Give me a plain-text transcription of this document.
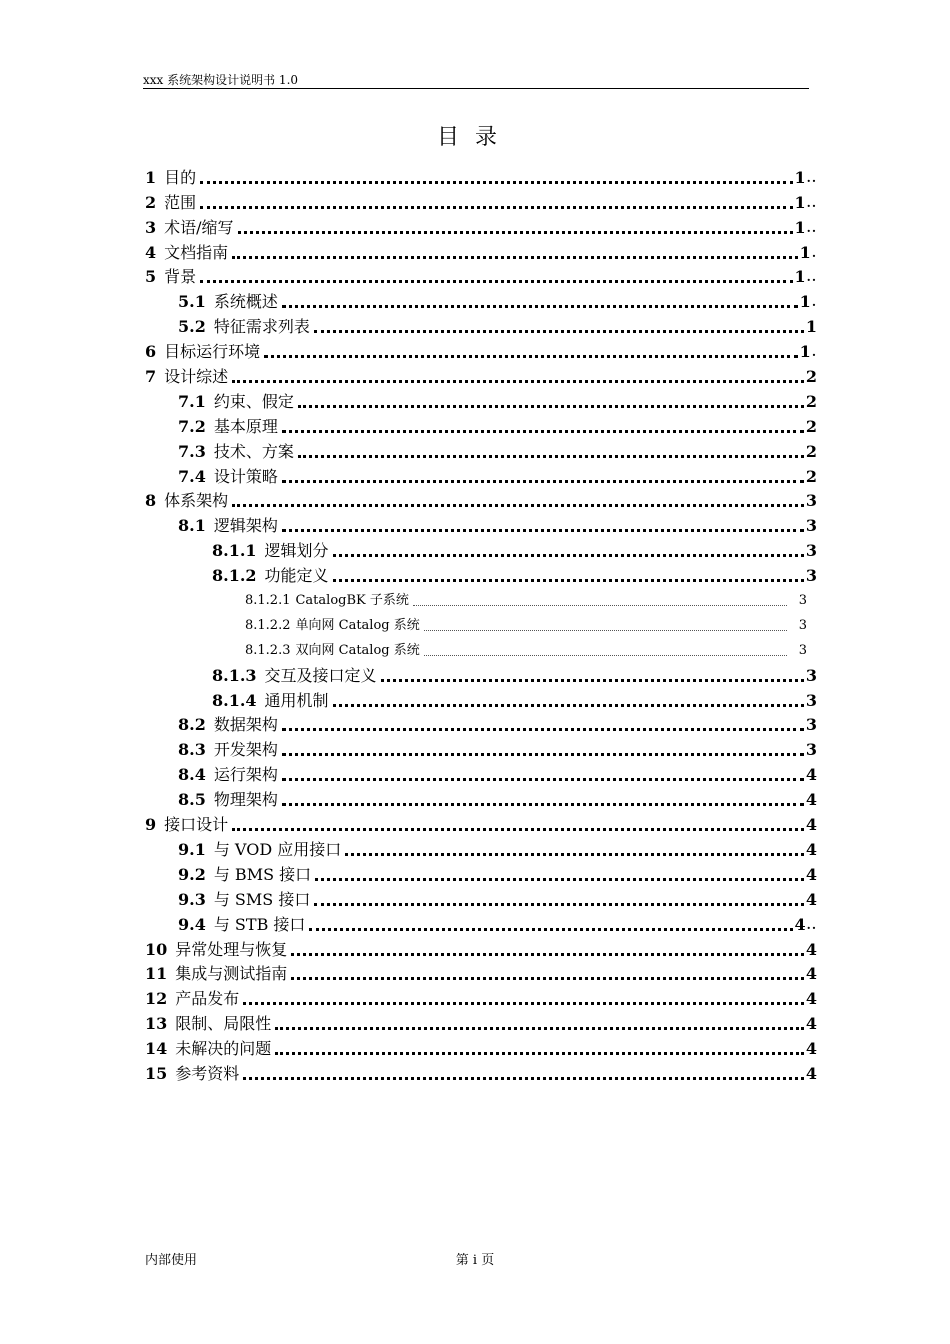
xxx 系统架构设计说明书 1.0
目录
1 目的	1 ..
2 范围	1 ..
3 术语/缩写	1 ..
4 文档指南	1 .
5 背景	1 ..
5.1 系统概述	1 .
5.2 特征需求列表	1
6 目标运行环境	1 .
7 设计综述	2
7.1 约束、假定	2
7.2 基本原理	2
7.3 技术、方案	2
7.4 设计策略	2
8 体系架构	3
8.1 逻辑架构	3
8.1.1 逻辑划分	3
8.1.2 功能定义	3
8.1.2.1 CatalogBK 子系统	3
8.1.2.2 单向网 Catalog 系统	3
8.1.2.3 双向网 Catalog 系统	3
8.1.3 交互及接口定义	3
8.1.4 通用机制	3
8.2 数据架构	3
8.3 开发架构	3
8.4 运行架构	4
8.5 物理架构	4
9 接口设计	4
9.1 与 VOD 应用接口	4
9.2 与 BMS 接口	4
9.3 与 SMS 接口	4
9.4 与 STB 接口	4 ..
10 异常处理与恢复	4
11 集成与测试指南	4
12 产品发布	4
13 限制、局限性	4
14 未解决的问题	4
15 参考资料	4
内部使用	第 i 页
